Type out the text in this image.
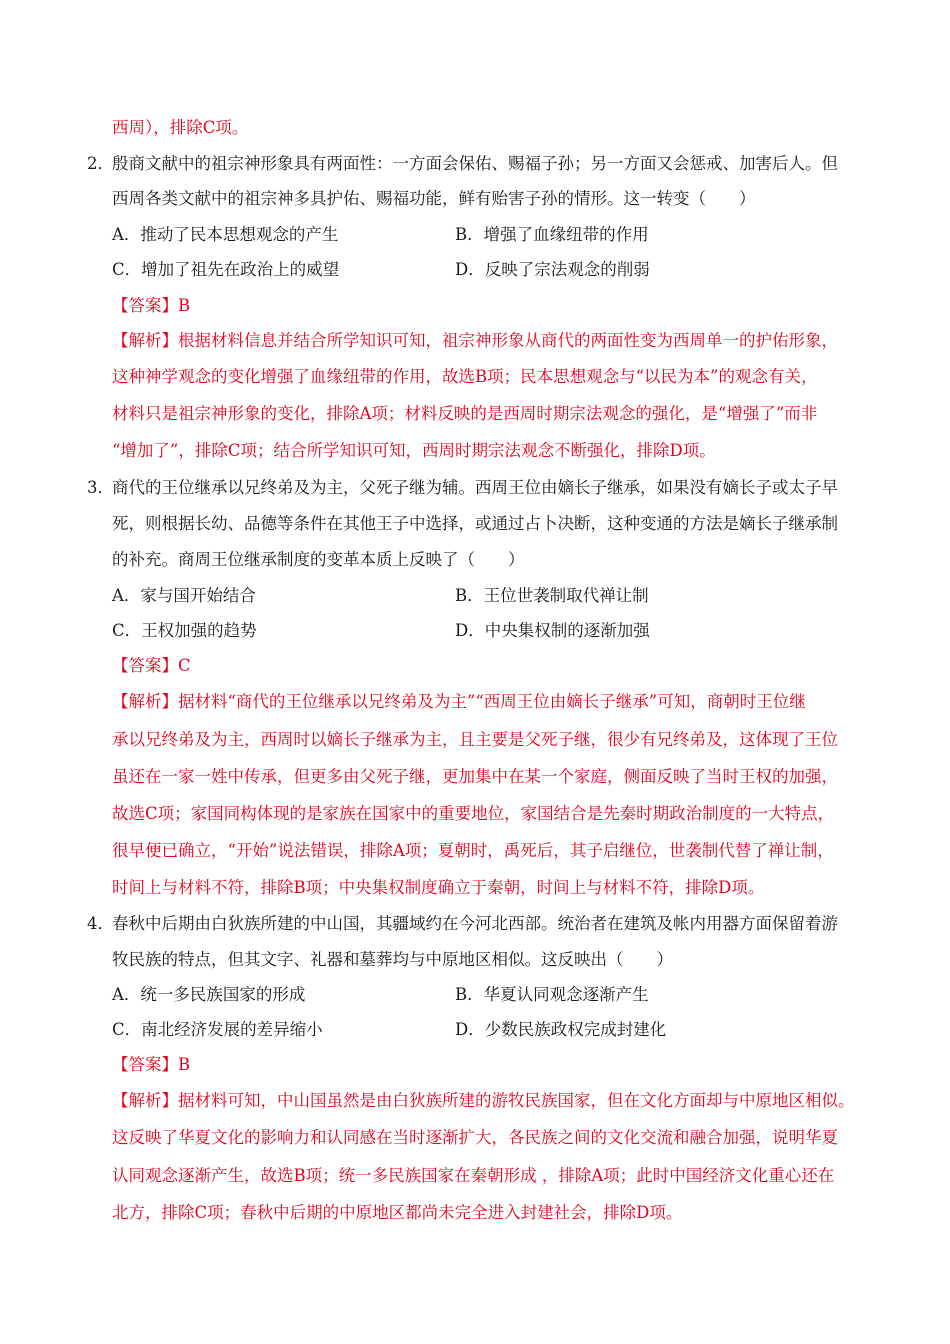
西周），排除C项。
2．
殷商文献中的祖宗神形象具有两面性：一方面会保佑、赐福子孙；另一方面又会惩戒、加害后人。但
西周各类文献中的祖宗神多具护佑、赐福功能，鲜有贻害子孙的情形。这一转变（　　）
A．推动了民本思想观念的产生	B．增强了血缘纽带的作用
C．增加了祖先在政治上的威望	D．反映了宗法观念的削弱
【答案】B
【解析】根据材料信息并结合所学知识可知，祖宗神形象从商代的两面性变为西周单一的护佑形象，
这种神学观念的变化增强了血缘纽带的作用，故选B项；民本思想观念与“以民为本”的观念有关，
材料只是祖宗神形象的变化，排除A项；材料反映的是西周时期宗法观念的强化，是“增强了”而非
“增加了”，排除C项；结合所学知识可知，西周时期宗法观念不断强化，排除D项。
3．
商代的王位继承以兄终弟及为主，父死子继为辅。西周王位由嫡长子继承，如果没有嫡长子或太子早
死，则根据长幼、品德等条件在其他王子中选择，或通过占卜决断，这种变通的方法是嫡长子继承制
的补充。商周王位继承制度的变革本质上反映了（　　）
A．家与国开始结合	B．王位世袭制取代禅让制
C．王权加强的趋势	D．中央集权制的逐渐加强
【答案】C
【解析】据材料“商代的王位继承以兄终弟及为主”“西周王位由嫡长子继承”可知，商朝时王位继
承以兄终弟及为主，西周时以嫡长子继承为主，且主要是父死子继，很少有兄终弟及，这体现了王位
虽还在一家一姓中传承，但更多由父死子继，更加集中在某一个家庭，侧面反映了当时王权的加强，
故选C项；家国同构体现的是家族在国家中的重要地位，家国结合是先秦时期政治制度的一大特点，
很早便已确立，“开始”说法错误，排除A项；夏朝时，禹死后，其子启继位，世袭制代替了禅让制，
时间上与材料不符，排除B项；中央集权制度确立于秦朝，时间上与材料不符，排除D项。
4．
春秋中后期由白狄族所建的中山国，其疆域约在今河北西部。统治者在建筑及帐内用器方面保留着游
牧民族的特点，但其文字、礼器和墓葬均与中原地区相似。这反映出（　　）
A．统一多民族国家的形成	B．华夏认同观念逐渐产生
C．南北经济发展的差异缩小	D．少数民族政权完成封建化
【答案】B
【解析】据材料可知，中山国虽然是由白狄族所建的游牧民族国家，但在文化方面却与中原地区相似。
这反映了华夏文化的影响力和认同感在当时逐渐扩大，各民族之间的文化交流和融合加强，说明华夏
认同观念逐渐产生，故选B项；统一多民族国家在秦朝形成 ，排除A项；此时中国经济文化重心还在
北方，排除C项；春秋中后期的中原地区都尚未完全进入封建社会，排除D项。
